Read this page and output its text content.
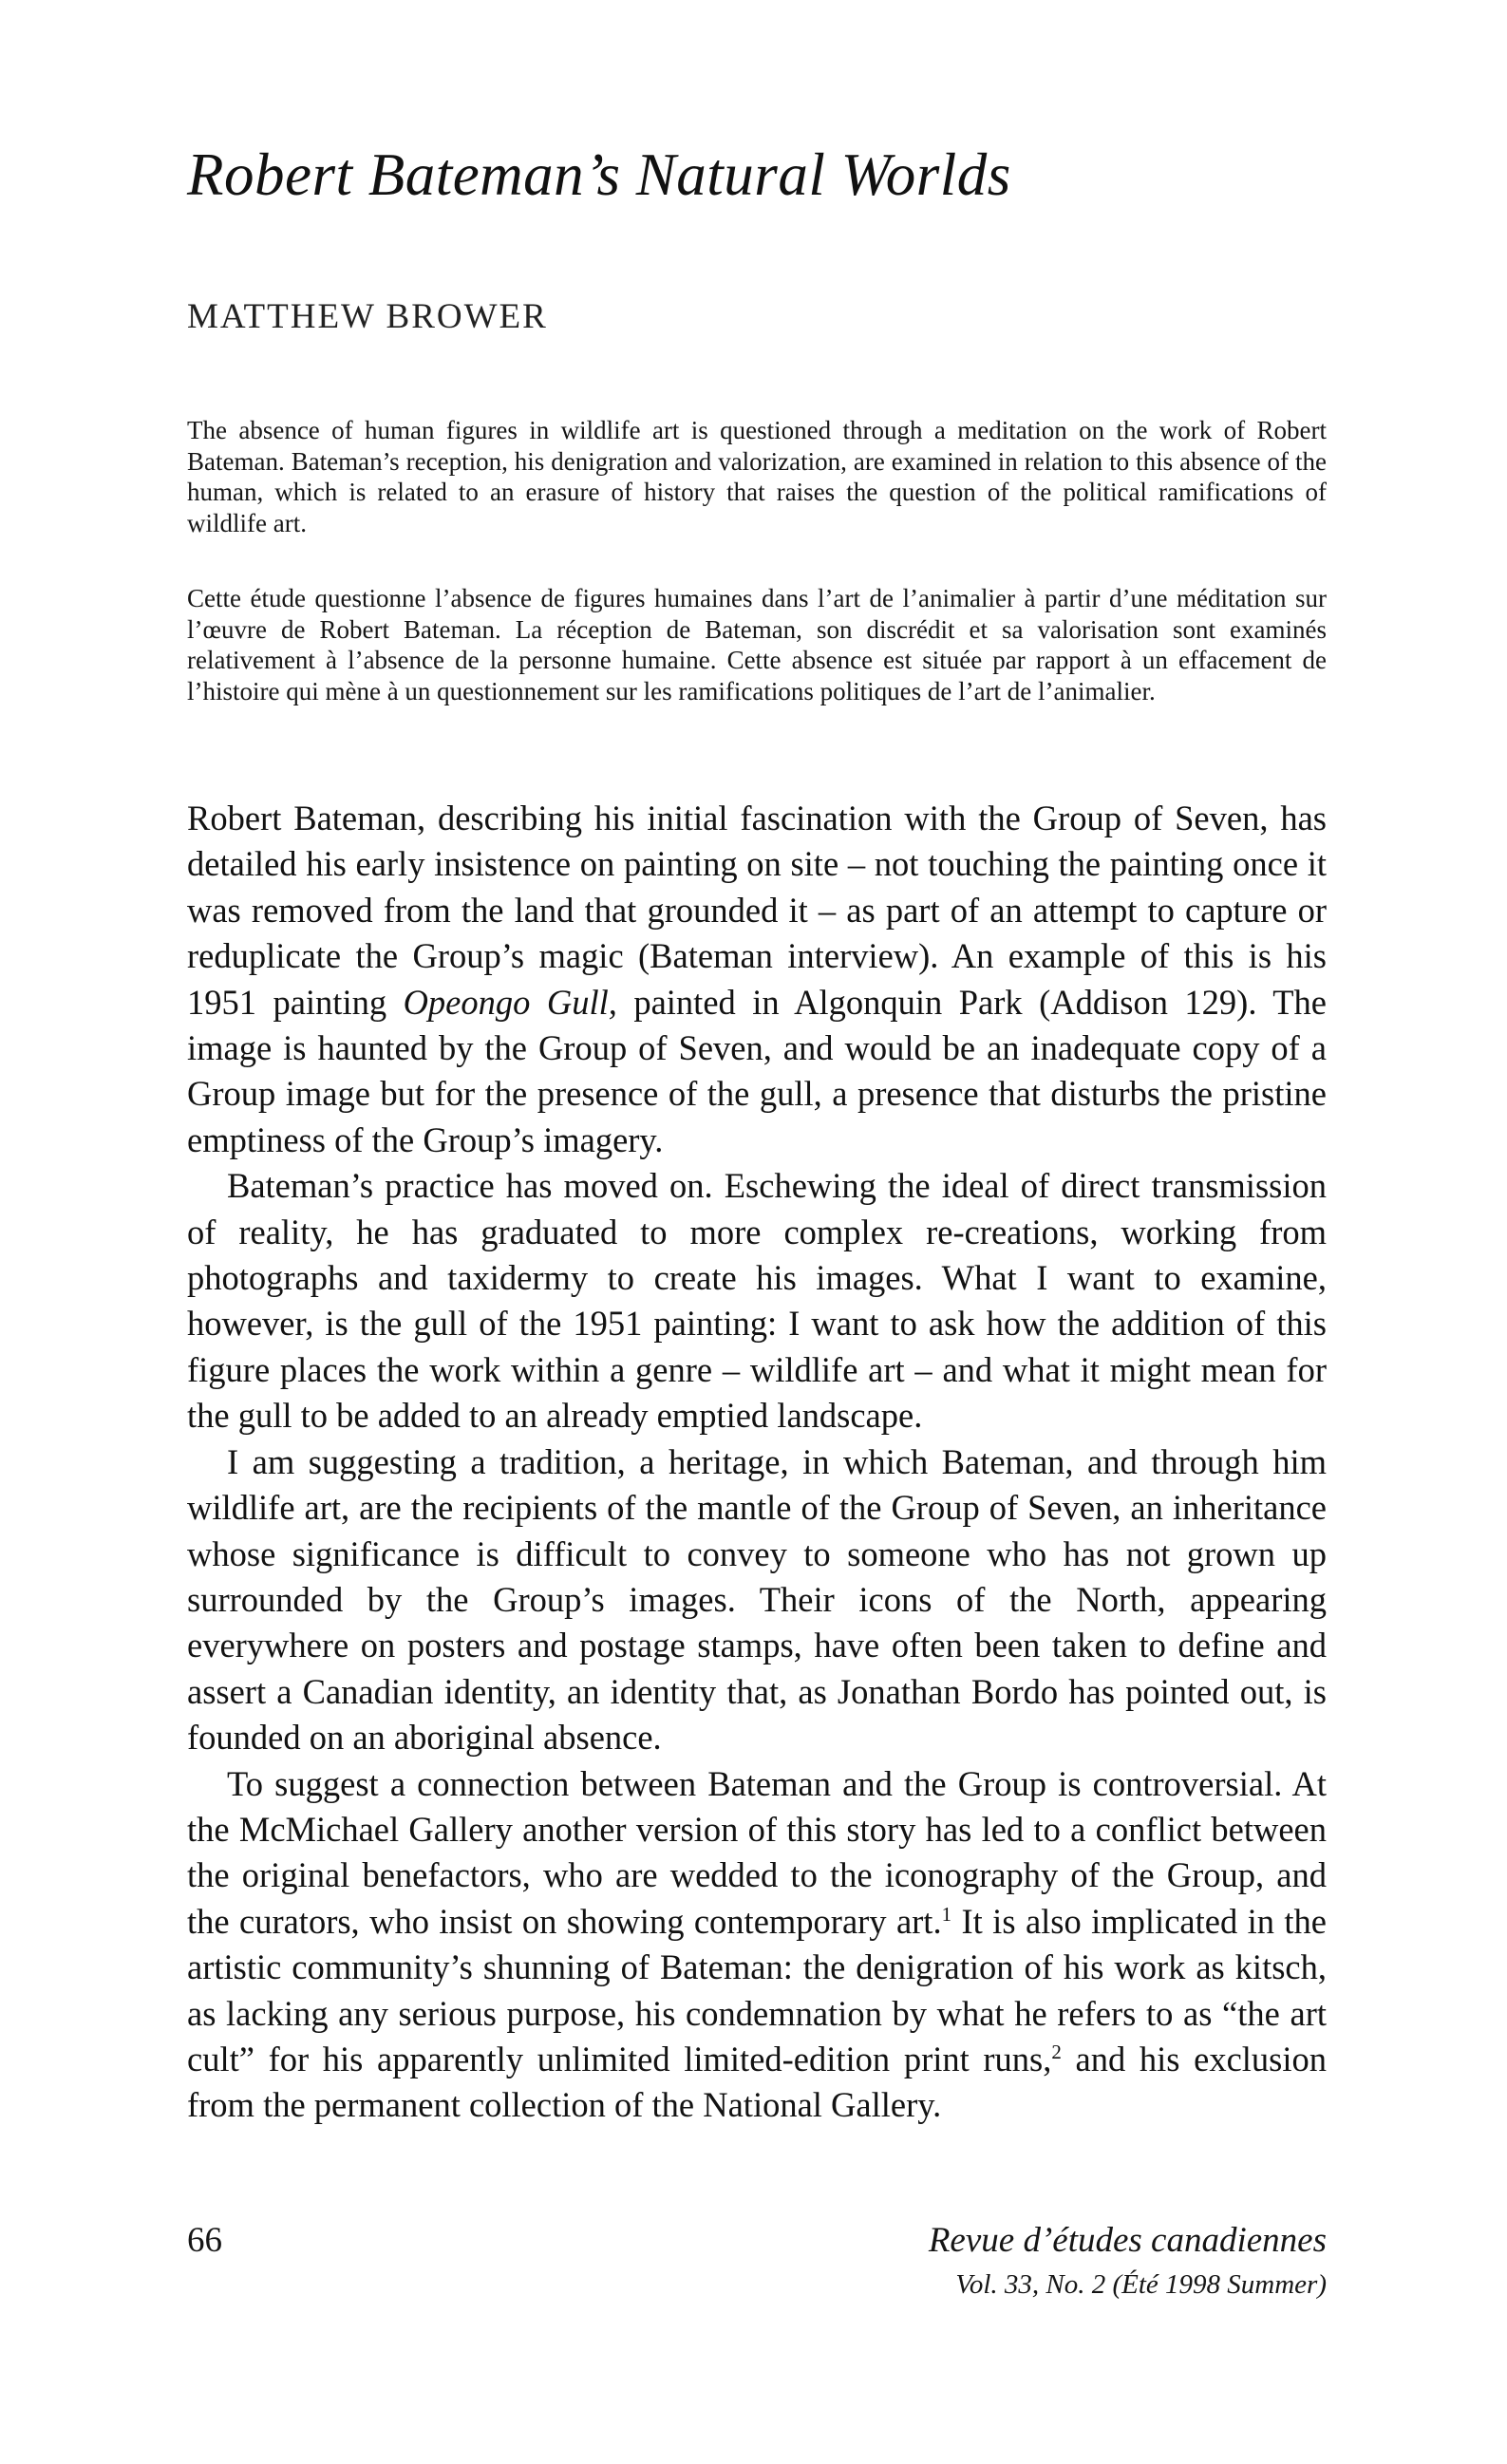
Robert Bateman’s Natural Worlds
MATTHEW BROWER

The absence of human figures in wildlife art is questioned through a meditation on the work of Robert Bateman. Bateman’s reception, his denigration and valorization, are examined in relation to this absence of the human, which is related to an erasure of history that raises the question of the political ramifications of wildlife art.

Cette étude questionne l’absence de figures humaines dans l’art de l’animalier à partir d’une méditation sur l’œuvre de Robert Bateman. La réception de Bateman, son discrédit et sa valorisation sont examinés relativement à l’absence de la personne humaine. Cette absence est située par rapport à un effacement de l’histoire qui mène à un questionnement sur les ramifications politiques de l’art de l’animalier.

Robert Bateman, describing his initial fascination with the Group of Seven, has detailed his early insistence on painting on site – not touching the painting once it was removed from the land that grounded it – as part of an attempt to capture or reduplicate the Group’s magic (Bateman interview). An example of this is his 1951 painting Opeongo Gull, painted in Algonquin Park (Addison 129). The image is haunted by the Group of Seven, and would be an inadequate copy of a Group image but for the presence of the gull, a presence that disturbs the pristine emptiness of the Group’s imagery.

Bateman’s practice has moved on. Eschewing the ideal of direct transmission of reality, he has graduated to more complex re-creations, working from photographs and taxidermy to create his images. What I want to examine, however, is the gull of the 1951 painting: I want to ask how the addition of this figure places the work within a genre – wildlife art – and what it might mean for the gull to be added to an already emptied landscape.

I am suggesting a tradition, a heritage, in which Bateman, and through him wildlife art, are the recipients of the mantle of the Group of Seven, an inheritance whose significance is difficult to convey to someone who has not grown up surrounded by the Group’s images. Their icons of the North, appearing everywhere on posters and postage stamps, have often been taken to define and assert a Canadian identity, an identity that, as Jonathan Bordo has pointed out, is founded on an aboriginal absence.

To suggest a connection between Bateman and the Group is controversial. At the McMichael Gallery another version of this story has led to a conflict between the original benefactors, who are wedded to the iconography of the Group, and the curators, who insist on showing contemporary art.$^1$ It is also implicated in the artistic community’s shunning of Bateman: the denigration of his work as kitsch, as lacking any serious purpose, his condemnation by what he refers to as “the art cult” for his apparently unlimited limited-edition print runs,$^2$ and his exclusion from the permanent collection of the National Gallery.

66	Revue d’études canadiennes

Vol. 33, No. 2 (Été 1998 Summer)
